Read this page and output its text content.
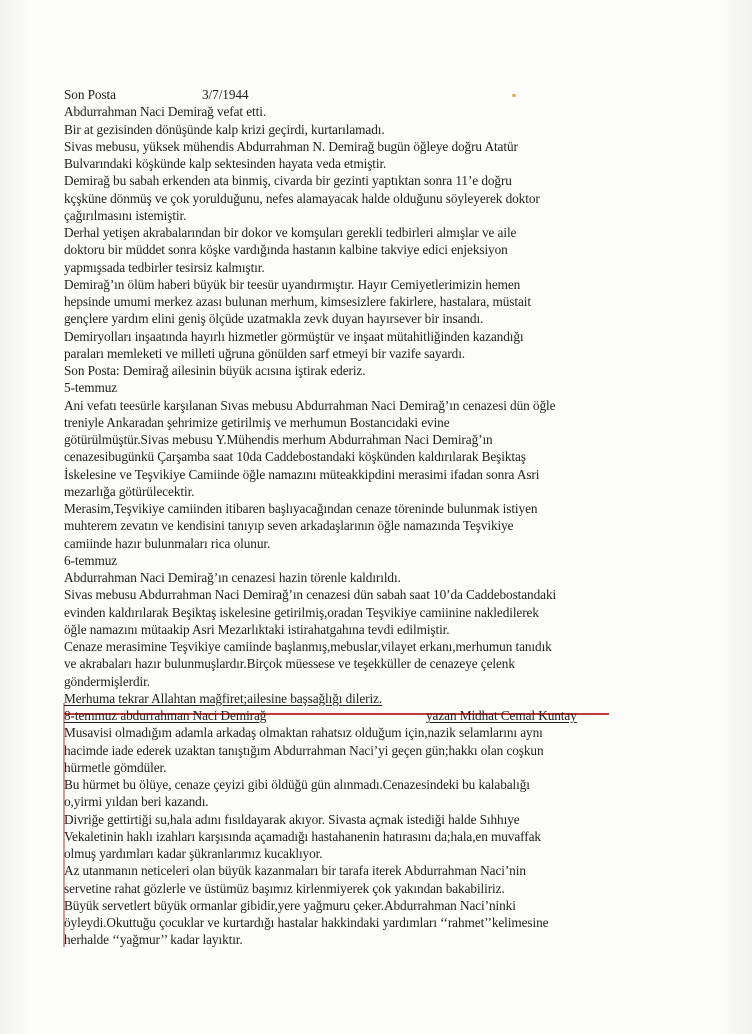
Son Posta	3/7/1944
Abdurrahman Naci Demirağ vefat etti.
Bir at gezisinden dönüşünde kalp krizi geçirdi, kurtarılamadı.
Sivas mebusu, yüksek mühendis Abdurrahman N. Demirağ bugün öğleye doğru Atatür
Bulvarındaki köşkünde kalp sektesinden hayata veda etmiştir.
Demirağ bu sabah erkenden ata binmiş, civarda bir gezinti yaptıktan sonra 11’e doğru
kçşküne dönmüş ve çok yorulduğunu, nefes alamayacak halde olduğunu söyleyerek doktor
çağırılmasını istemiştir.
Derhal yetişen akrabalarından bir dokor ve komşuları gerekli tedbirleri almışlar ve aile
doktoru bir müddet sonra köşke vardığında hastanın kalbine takviye edici enjeksiyon
yapmışsada tedbirler tesirsiz kalmıştır.
Demirağ’ın ölüm haberi büyük bir teesür uyandırmıştır. Hayır Cemiyetlerimizin hemen
hepsinde umumi merkez azası bulunan merhum, kimsesizlere fakirlere, hastalara, müstait
gençlere yardım elini geniş ölçüde uzatmakla zevk duyan hayırsever bir insandı.
Demiryolları inşaatında hayırlı hizmetler görmüştür ve inşaat mütahitliğinden kazandığı
paraları memleketi ve milleti uğruna gönülden sarf etmeyi bir vazife sayardı.
Son Posta: Demirağ ailesinin büyük acısına iştirak ederiz.
5-temmuz
Ani vefatı teesürle karşılanan Sıvas mebusu Abdurrahman Naci Demirağ’ın cenazesi dün öğle
treniyle Ankaradan şehrimize getirilmiş ve merhumun Bostancıdaki evine
götürülmüştür.Sivas mebusu Y.Mühendis merhum Abdurrahman Naci Demirağ’ın
cenazesibugünkü Çarşamba saat 10da Caddebostandaki köşkünden kaldırılarak Beşiktaş
İskelesine ve Teşvikiye Camiinde öğle namazını müteakkipdini merasimi ifadan sonra Asri
mezarlığa götürülecektir.
Merasim,Teşvikiye camiinden itibaren başlıyacağından cenaze töreninde bulunmak istiyen
muhterem zevatın ve kendisini tanıyıp seven arkadaşlarının öğle namazında Teşvikiye
camiinde hazır bulunmaları rica olunur.
6-temmuz
Abdurrahman Naci Demirağ’ın cenazesi hazin törenle kaldırıldı.
Sivas mebusu Abdurrahman Naci Demirağ’ın cenazesi dün sabah saat 10’da Caddebostandaki
evinden kaldırılarak Beşiktaş iskelesine getirilmiş,oradan Teşvikiye camiinine nakledilerek
öğle namazını mütaakip Asri Mezarlıktaki istirahatgahına tevdi edilmiştir.
Cenaze merasimine Teşvikiye camiinde başlanmış,mebuslar,vilayet erkanı,merhumun tanıdık
ve akrabaları hazır bulunmuşlardır.Birçok müessese ve teşekküller de cenazeye çelenk
göndermişlerdir.
Merhuma tekrar Allahtan mağfiret;ailesine başsağlığı dileriz.
8-temmuz abdurrahman Naci Demirağ	yazan Midhat Cemal Kuntay
Musavisi olmadığım adamla arkadaş olmaktan rahatsız olduğum için,nazik selamlarını aynı
hacimde iade ederek uzaktan tanıştığım Abdurrahman Naci’yi geçen gün;hakkı olan coşkun
hürmetle gömdüler.
Bu hürmet bu ölüye, cenaze çeyizi gibi öldüğü gün alınmadı.Cenazesindeki bu kalabalığı
o,yirmi yıldan beri kazandı.
Divriğe gettirtiği su,hala adını fısıldayarak akıyor. Sivasta açmak istediği halde Sıhhıye
Vekaletinin haklı izahları karşısında açamadığı hastahanenin hatırasını da;hala,en muvaffak
olmuş yardımları kadar şükranlarımız kucaklıyor.
Az utanmanın neticeleri olan büyük kazanmaları bir tarafa iterek Abdurrahman Naci’nin
servetine rahat gözlerle ve üstümüz başımız kirlenmiyerek çok yakından bakabiliriz.
Büyük servetlert büyük ormanlar gibidir,yere yağmuru çeker.Abdurrahman Naci’ninki
öyleydi.Okuttuğu çocuklar ve kurtardığı hastalar hakkindaki yardımları ‘‘rahmet’’kelimesine
herhalde ‘‘yağmur’’ kadar layıktır.
